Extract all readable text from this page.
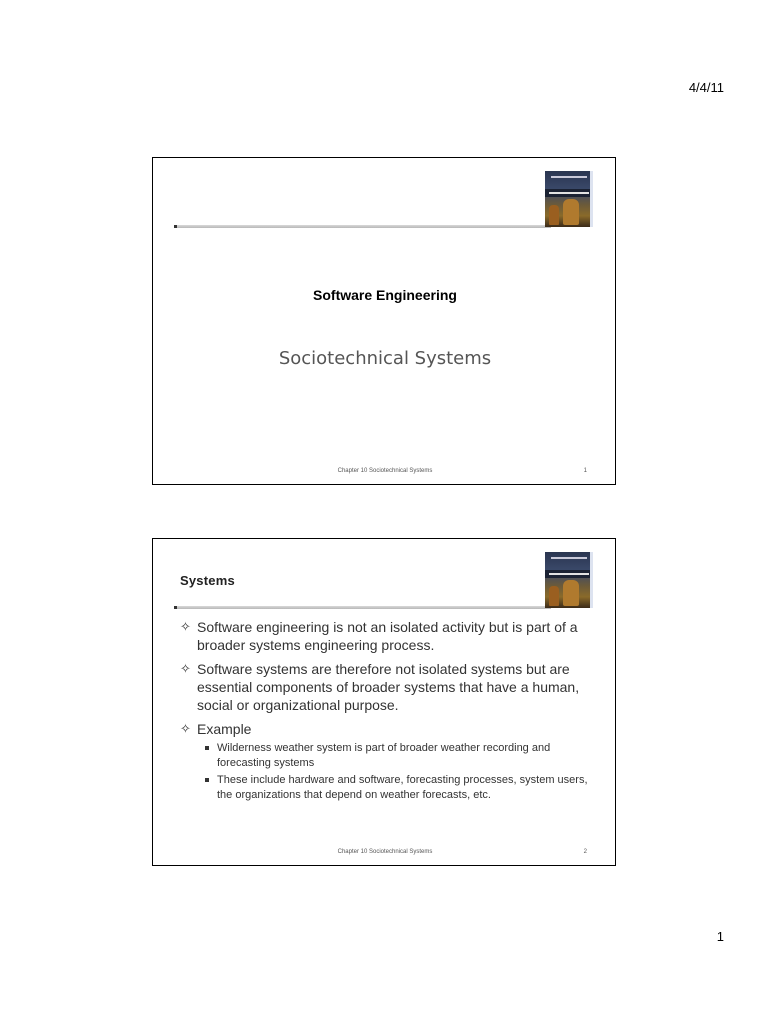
4/4/11
Software Engineering
Sociotechnical Systems
Chapter 10 Sociotechnical Systems	1
Systems
✧ Software engineering is not an isolated activity but is part of a broader systems engineering process.
✧ Software systems are therefore not isolated systems but are essential components of broader systems that have a human, social or organizational purpose.
✧ Example
Wilderness weather system is part of broader weather recording and forecasting systems
These include hardware and software, forecasting processes, system users, the organizations that depend on weather forecasts, etc.
Chapter 10 Sociotechnical Systems	2
1
